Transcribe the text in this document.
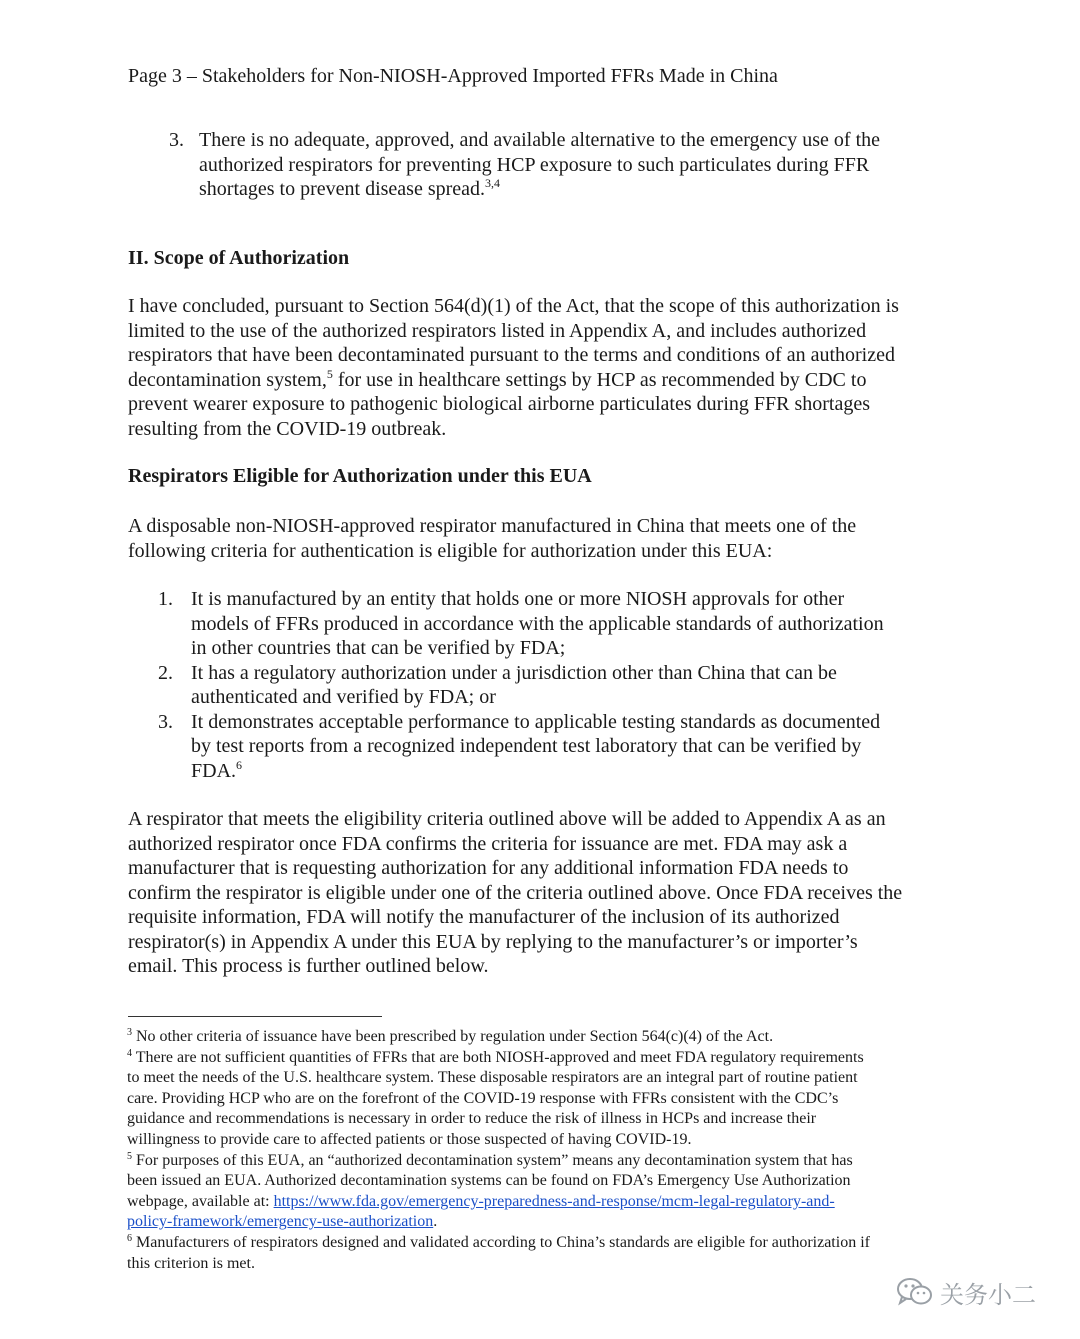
Page 3 – Stakeholders for Non-NIOSH-Approved Imported FFRs Made in China
3. There is no adequate, approved, and available alternative to the emergency use of the
authorized respirators for preventing HCP exposure to such particulates during FFR
shortages to prevent disease spread.$^{3,4}$
II. Scope of Authorization
I have concluded, pursuant to Section 564(d)(1) of the Act, that the scope of this authorization is
limited to the use of the authorized respirators listed in Appendix A, and includes authorized
respirators that have been decontaminated pursuant to the terms and conditions of an authorized
decontamination system,$^5$ for use in healthcare settings by HCP as recommended by CDC to
prevent wearer exposure to pathogenic biological airborne particulates during FFR shortages
resulting from the COVID-19 outbreak.
Respirators Eligible for Authorization under this EUA
A disposable non-NIOSH-approved respirator manufactured in China that meets one of the
following criteria for authentication is eligible for authorization under this EUA:
1. It is manufactured by an entity that holds one or more NIOSH approvals for other
models of FFRs produced in accordance with the applicable standards of authorization
in other countries that can be verified by FDA;
2. It has a regulatory authorization under a jurisdiction other than China that can be
authenticated and verified by FDA; or
3. It demonstrates acceptable performance to applicable testing standards as documented
by test reports from a recognized independent test laboratory that can be verified by
FDA.$^6$
A respirator that meets the eligibility criteria outlined above will be added to Appendix A as an
authorized respirator once FDA confirms the criteria for issuance are met. FDA may ask a
manufacturer that is requesting authorization for any additional information FDA needs to
confirm the respirator is eligible under one of the criteria outlined above. Once FDA receives the
requisite information, FDA will notify the manufacturer of the inclusion of its authorized
respirator(s) in Appendix A under this EUA by replying to the manufacturer’s or importer’s
email. This process is further outlined below.
$^3$ No other criteria of issuance have been prescribed by regulation under Section 564(c)(4) of the Act.
$^4$ There are not sufficient quantities of FFRs that are both NIOSH-approved and meet FDA regulatory requirements
to meet the needs of the U.S. healthcare system. These disposable respirators are an integral part of routine patient
care. Providing HCP who are on the forefront of the COVID-19 response with FFRs consistent with the CDC’s
guidance and recommendations is necessary in order to reduce the risk of illness in HCPs and increase their
willingness to provide care to affected patients or those suspected of having COVID-19.
$^5$ For purposes of this EUA, an “authorized decontamination system” means any decontamination system that has
been issued an EUA. Authorized decontamination systems can be found on FDA’s Emergency Use Authorization
webpage, available at: https://www.fda.gov/emergency-preparedness-and-response/mcm-legal-regulatory-and-
policy-framework/emergency-use-authorization.
$^6$ Manufacturers of respirators designed and validated according to China’s standards are eligible for authorization if
this criterion is met.
关务小二
